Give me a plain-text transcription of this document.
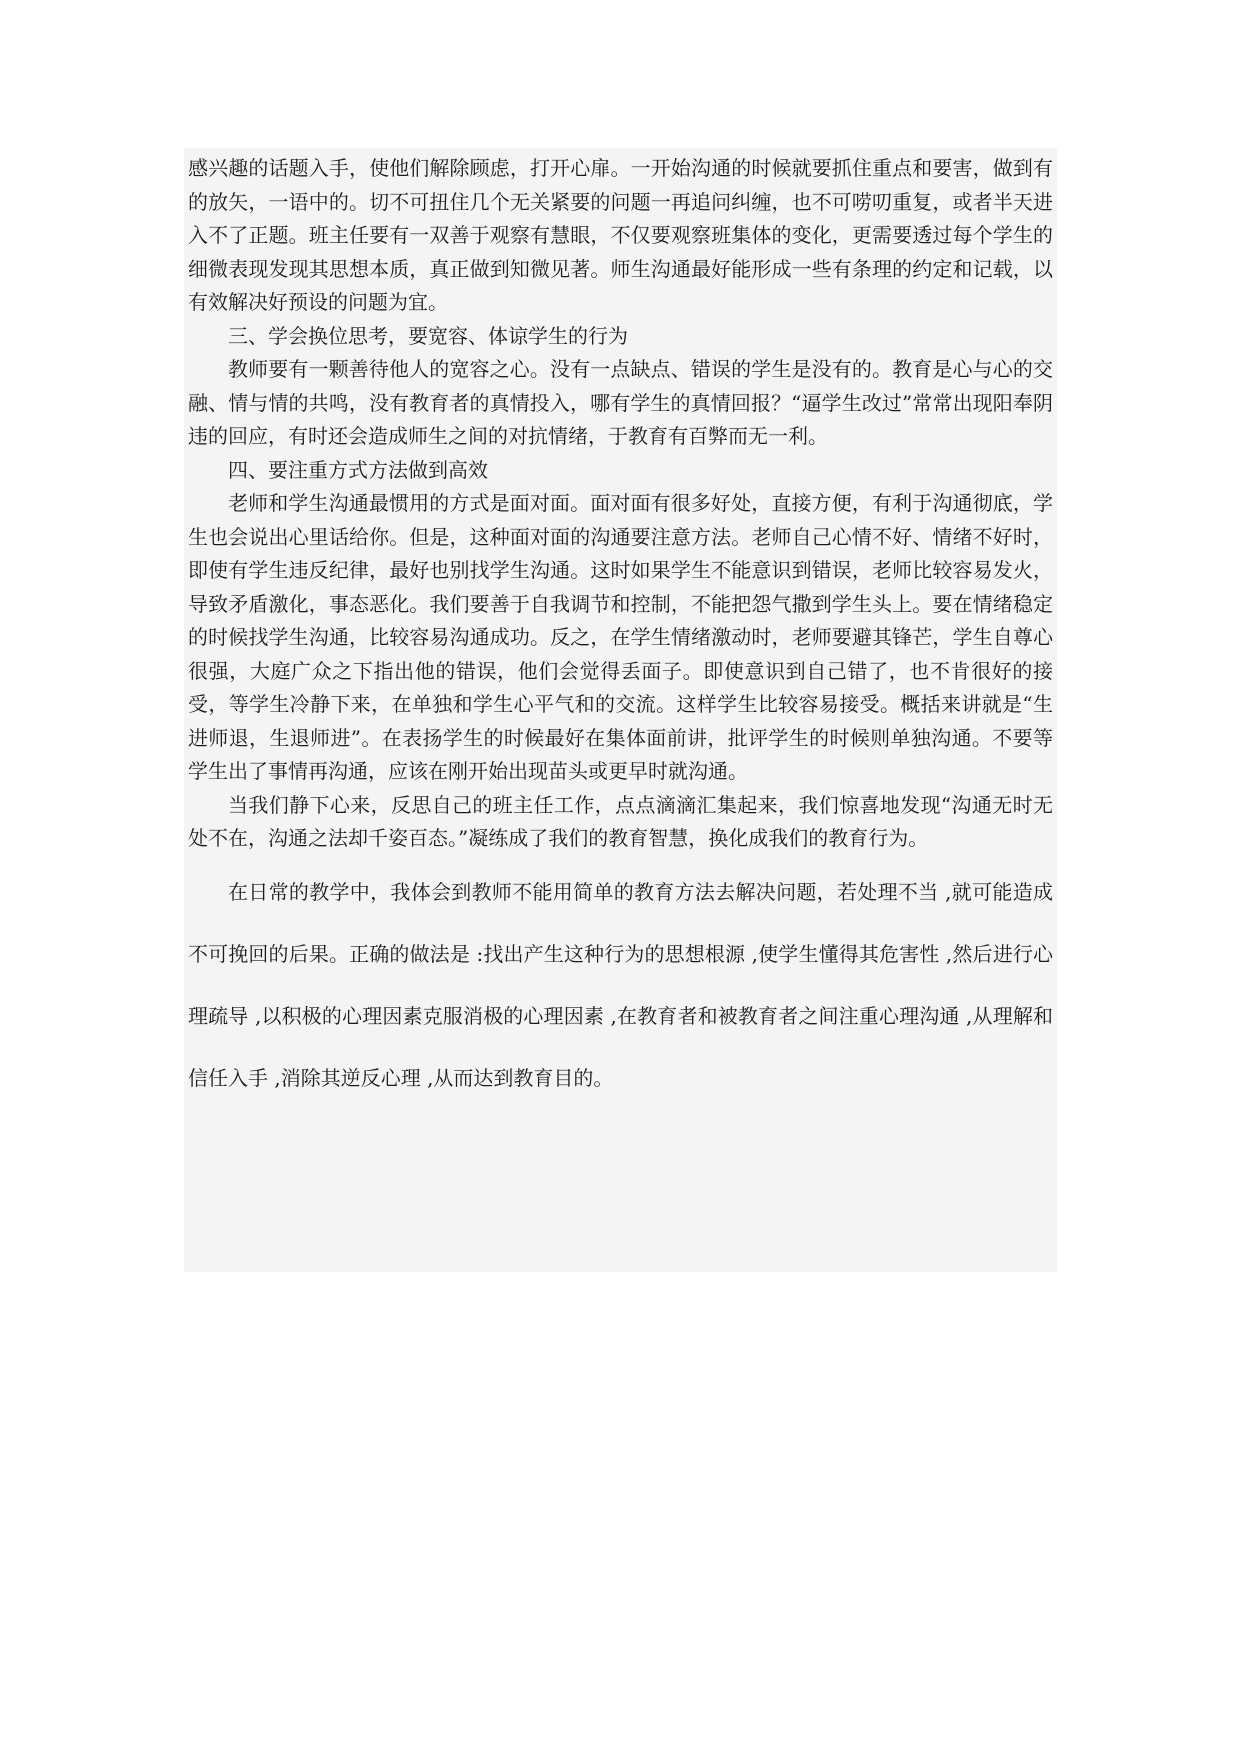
感兴趣的话题入手，使他们解除顾虑，打开心扉。一开始沟通的时候就要抓住重点和要害，做到有的放矢，一语中的。切不可扭住几个无关紧要的问题一再追问纠缠，也不可唠叨重复，或者半天进入不了正题。班主任要有一双善于观察有慧眼，不仅要观察班集体的变化，更需要透过每个学生的细微表现发现其思想本质，真正做到知微见著。师生沟通最好能形成一些有条理的约定和记载，以有效解决好预设的问题为宜。

三、学会换位思考，要宽容、体谅学生的行为

教师要有一颗善待他人的宽容之心。没有一点缺点、错误的学生是没有的。教育是心与心的交融、情与情的共鸣，没有教育者的真情投入，哪有学生的真情回报？“逼学生改过”常常出现阳奉阴违的回应，有时还会造成师生之间的对抗情绪，于教育有百弊而无一利。

四、要注重方式方法做到高效

老师和学生沟通最惯用的方式是面对面。面对面有很多好处，直接方便，有利于沟通彻底，学生也会说出心里话给你。但是，这种面对面的沟通要注意方法。老师自己心情不好、情绪不好时，即使有学生违反纪律，最好也别找学生沟通。这时如果学生不能意识到错误，老师比较容易发火，导致矛盾激化，事态恶化。我们要善于自我调节和控制，不能把怨气撒到学生头上。要在情绪稳定的时候找学生沟通，比较容易沟通成功。反之，在学生情绪激动时，老师要避其锋芒，学生自尊心很强，大庭广众之下指出他的错误，他们会觉得丢面子。即使意识到自己错了，也不肯很好的接受，等学生冷静下来，在单独和学生心平气和的交流。这样学生比较容易接受。概括来讲就是“生进师退，生退师进”。在表扬学生的时候最好在集体面前讲，批评学生的时候则单独沟通。不要等学生出了事情再沟通，应该在刚开始出现苗头或更早时就沟通。

当我们静下心来，反思自己的班主任工作，点点滴滴汇集起来，我们惊喜地发现“沟通无时无处不在，沟通之法却千姿百态。”凝练成了我们的教育智慧，换化成我们的教育行为。

在日常的教学中，我体会到教师不能用简单的教育方法去解决问题，若处理不当 ,就可能造成不可挽回的后果。正确的做法是 :找出产生这种行为的思想根源 ,使学生懂得其危害性 ,然后进行心理疏导 ,以积极的心理因素克服消极的心理因素 ,在教育者和被教育者之间注重心理沟通 ,从理解和信任入手 ,消除其逆反心理 ,从而达到教育目的。
